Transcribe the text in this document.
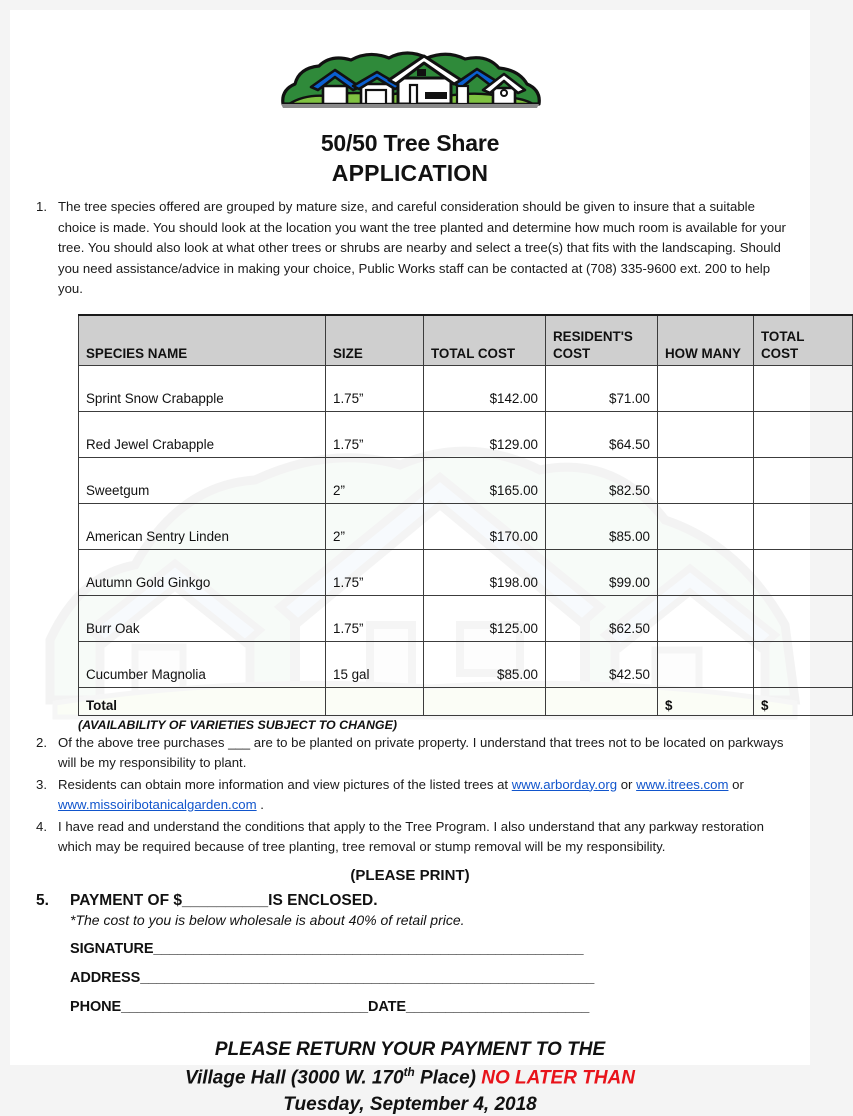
50/50 Tree Share
APPLICATION
1. The tree species offered are grouped by mature size, and careful consideration should be given to insure that a suitable choice is made. You should look at the location you want the tree planted and determine how much room is available for your tree. You should also look at what other trees or shrubs are nearby and select a tree(s) that fits with the landscaping. Should you need assistance/advice in making your choice, Public Works staff can be contacted at (708) 335-9600 ext. 200 to help you.
SPECIES NAME	SIZE	TOTAL COST	RESIDENT'S COST	HOW MANY	TOTAL COST
Sprint Snow Crabapple	1.75”	$142.00	$71.00		
Red Jewel Crabapple	1.75”	$129.00	$64.50		
Sweetgum	2”	$165.00	$82.50		
American Sentry Linden	2”	$170.00	$85.00		
Autumn Gold Ginkgo	1.75”	$198.00	$99.00		
Burr Oak	1.75”	$125.00	$62.50		
Cucumber Magnolia	15 gal	$85.00	$42.50		
Total				$	$
(AVAILABILITY OF VARIETIES SUBJECT TO CHANGE)
2. Of the above tree purchases ___ are to be planted on private property. I understand that trees not to be located on parkways will be my responsibility to plant.
3. Residents can obtain more information and view pictures of the listed trees at www.arborday.org or www.itrees.com or www.missoiribotanicalgarden.com .
4. I have read and understand the conditions that apply to the Tree Program. I also understand that any parkway restoration which may be required because of tree planting, tree removal or stump removal will be my responsibility.
(PLEASE PRINT)
5. PAYMENT OF $__________IS ENCLOSED.
*The cost to you is below wholesale is about 40% of retail price.
SIGNATURE______________________________________________________
ADDRESS_________________________________________________________
PHONE_______________________________DATE_______________________
PLEASE RETURN YOUR PAYMENT TO THE
Village Hall (3000 W. 170th Place) NO LATER THAN
Tuesday, September 4, 2018
